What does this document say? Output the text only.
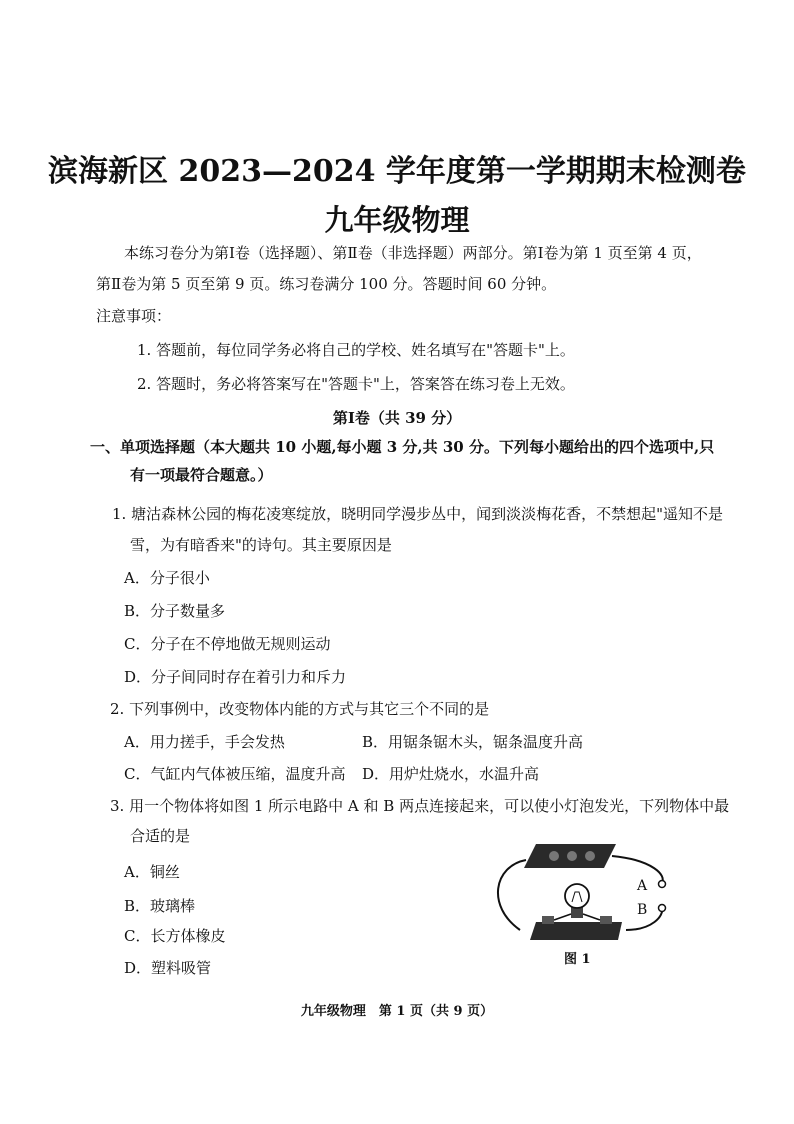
滨海新区 2023—2024 学年度第一学期期末检测卷
九年级物理
本练习卷分为第Ⅰ卷（选择题）、第Ⅱ卷（非选择题）两部分。第Ⅰ卷为第 1 页至第 4 页，
第Ⅱ卷为第 5 页至第 9 页。练习卷满分 100 分。答题时间 60 分钟。
注意事项：
1. 答题前，每位同学务必将自己的学校、姓名填写在"答题卡"上。
2. 答题时，务必将答案写在"答题卡"上，答案答在练习卷上无效。
第Ⅰ卷（共 39 分）
一、单项选择题（本大题共 10 小题,每小题 3 分,共 30 分。下列每小题给出的四个选项中,只
有一项最符合题意。）
1. 塘沽森林公园的梅花凌寒绽放，晓明同学漫步丛中，闻到淡淡梅花香，不禁想起"遥知不是
雪，为有暗香来"的诗句。其主要原因是
A．分子很小
B．分子数量多
C．分子在不停地做无规则运动
D．分子间同时存在着引力和斥力
2. 下列事例中，改变物体内能的方式与其它三个不同的是
A．用力搓手，手会发热	B．用锯条锯木头，锯条温度升高
C．气缸内气体被压缩，温度升高 D．用炉灶烧水，水温升高
3. 用一个物体将如图 1 所示电路中 A 和 B 两点连接起来，可以使小灯泡发光，下列物体中最
合适的是
A．铜丝
B．玻璃棒
C．长方体橡皮
D．塑料吸管
A
B
图 1
九年级物理　第 1 页（共 9 页）
